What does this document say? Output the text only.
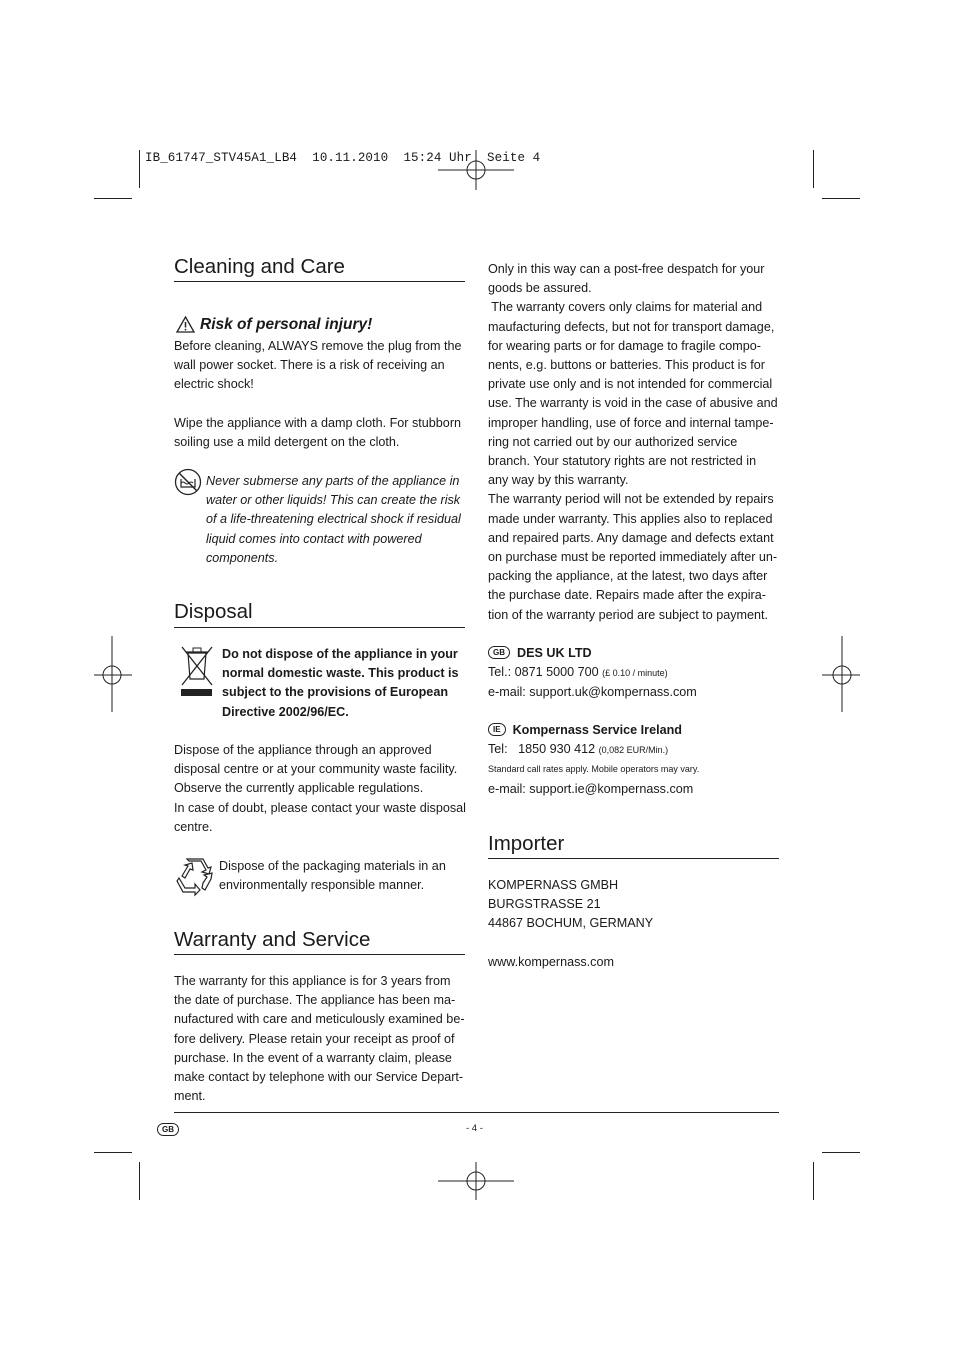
IB_61747_STV45A1_LB4  10.11.2010  15:24 Uhr  Seite 4
Cleaning and Care
Risk of personal injury!

Before cleaning, ALWAYS remove the plug from the

wall power socket. There is a risk of receiving an

electric shock!

Wipe the appliance with a damp cloth. For stubborn

soiling use a mild detergent on the cloth.

Never submerse any parts of the appliance in

water or other liquids! This can create the risk

of a life-threatening electrical shock if residual

liquid comes into contact with powered

components.

Disposal

Do not dispose of the appliance in your

normal domestic waste. This product is

subject to the provisions of European

Directive 2002/96/EC.

Dispose of the appliance through an approved

disposal centre or at your community waste facility.

Observe the currently applicable regulations.

In case of doubt, please contact your waste disposal

centre.

Dispose of the packaging materials in an

environmentally responsible manner.

Warranty and Service

The warranty for this appliance is for 3 years from

the date of purchase. The appliance has been ma-

nufactured with care and meticulously examined be-

fore delivery. Please retain your receipt as proof of

purchase. In the event of a warranty claim, please

make contact by telephone with our Service Depart-

ment.

Only in this way can a post-free despatch for your

goods be assured.

The warranty covers only claims for material and

maufacturing defects, but not for transport damage,

for wearing parts or for damage to fragile compo-

nents, e.g. buttons or batteries. This product is for

private use only and is not intended for commercial

use. The warranty is void in the case of abusive and

improper handling, use of force and internal tampe-

ring not carried out by our authorized service

branch. Your statutory rights are not restricted in

any way by this warranty.

The warranty period will not be extended by repairs

made under warranty. This applies also to replaced

and repaired parts. Any damage and defects extant

on purchase must be reported immediately after un-

packing the appliance, at the latest, two days after

the purchase date. Repairs made after the expira-

tion of the warranty period are subject to payment.

GB DES UK LTD

Tel.: 0871 5000 700 (£ 0.10 / minute)

e-mail: support.uk@kompernass.com

IE Kompernass Service Ireland

Tel:   1850 930 412 (0,082 EUR/Min.)

Standard call rates apply. Mobile operators may vary.

e-mail: support.ie@kompernass.com

Importer

KOMPERNASS GMBH

BURGSTRASSE 21

44867 BOCHUM, GERMANY

www.kompernass.com
GB	- 4 -
